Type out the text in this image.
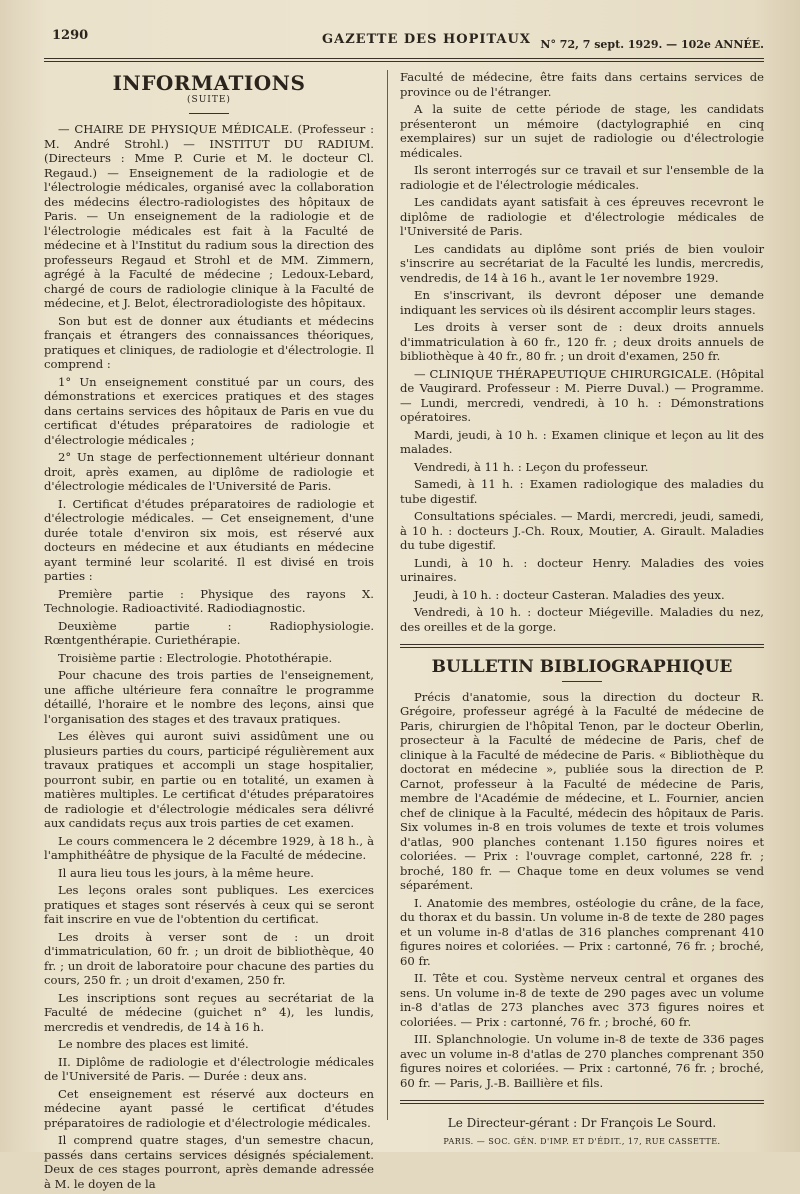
1290	GAZETTE DES HOPITAUX N° 72, 7 sept. 1929. — 102e ANNÉE.
INFORMATIONS
(SUITE)

— CHAIRE DE PHYSIQUE MÉDICALE. (Professeur : M. André Strohl.) — INSTITUT DU RADIUM. (Directeurs : Mme P. Curie et M. le docteur Cl. Regaud.) — Enseignement de la radiologie et de l'électrologie médicales, organisé avec la collaboration des médecins électro-radiologistes des hôpitaux de Paris. — Un enseignement de la radiologie et de l'électrologie médicales est fait à la Faculté de médecine et à l'Institut du radium sous la direction des professeurs Regaud et Strohl et de MM. Zimmern, agrégé à la Faculté de médecine ; Ledoux-Lebard, chargé de cours de radiologie clinique à la Faculté de médecine, et J. Belot, électroradiologiste des hôpitaux.

Son but est de donner aux étudiants et médecins français et étrangers des connaissances théoriques, pratiques et cliniques, de radiologie et d'électrologie. Il comprend :

1° Un enseignement constitué par un cours, des démonstrations et exercices pratiques et des stages dans certains services des hôpitaux de Paris en vue du certificat d'études préparatoires de radiologie et d'électrologie médicales ;

2° Un stage de perfectionnement ultérieur donnant droit, après examen, au diplôme de radiologie et d'électrologie médicales de l'Université de Paris.

I. Certificat d'études préparatoires de radiologie et d'électrologie médicales. — Cet enseignement, d'une durée totale d'environ six mois, est réservé aux docteurs en médecine et aux étudiants en médecine ayant terminé leur scolarité. Il est divisé en trois parties :

Première partie : Physique des rayons X. Technologie. Radioactivité. Radiodiagnostic.

Deuxième partie : Radiophysiologie. Rœntgenthérapie. Curiethérapie.

Troisième partie : Electrologie. Photothérapie.

Pour chacune des trois parties de l'enseignement, une affiche ultérieure fera connaître le programme détaillé, l'horaire et le nombre des leçons, ainsi que l'organisation des stages et des travaux pratiques.

Les élèves qui auront suivi assidûment une ou plusieurs parties du cours, participé régulièrement aux travaux pratiques et accompli un stage hospitalier, pourront subir, en partie ou en totalité, un examen à matières multiples. Le certificat d'études préparatoires de radiologie et d'électrologie médicales sera délivré aux candidats reçus aux trois parties de cet examen.

Le cours commencera le 2 décembre 1929, à 18 h., à l'amphithéâtre de physique de la Faculté de médecine.

Il aura lieu tous les jours, à la même heure.

Les leçons orales sont publiques. Les exercices pratiques et stages sont réservés à ceux qui se seront fait inscrire en vue de l'obtention du certificat.

Les droits à verser sont de : un droit d'immatriculation, 60 fr. ; un droit de bibliothèque, 40 fr. ; un droit de laboratoire pour chacune des parties du cours, 250 fr. ; un droit d'examen, 250 fr.

Les inscriptions sont reçues au secrétariat de la Faculté de médecine (guichet n° 4), les lundis, mercredis et vendredis, de 14 à 16 h.

Le nombre des places est limité.

II. Diplôme de radiologie et d'électrologie médicales de l'Université de Paris. — Durée : deux ans.

Cet enseignement est réservé aux docteurs en médecine ayant passé le certificat d'études préparatoires de radiologie et d'électrologie médicales.

Il comprend quatre stages, d'un semestre chacun, passés dans certains services désignés spécialement. Deux de ces stages pourront, après demande adressée à M. le doyen de la

Faculté de médecine, être faits dans certains services de province ou de l'étranger.

A la suite de cette période de stage, les candidats présenteront un mémoire (dactylographié en cinq exemplaires) sur un sujet de radiologie ou d'électrologie médicales.

Ils seront interrogés sur ce travail et sur l'ensemble de la radiologie et de l'électrologie médicales.

Les candidats ayant satisfait à ces épreuves recevront le diplôme de radiologie et d'électrologie médicales de l'Université de Paris.

Les candidats au diplôme sont priés de bien vouloir s'inscrire au secrétariat de la Faculté les lundis, mercredis, vendredis, de 14 à 16 h., avant le 1er novembre 1929.

En s'inscrivant, ils devront déposer une demande indiquant les services où ils désirent accomplir leurs stages.

Les droits à verser sont de : deux droits annuels d'immatriculation à 60 fr., 120 fr. ; deux droits annuels de bibliothèque à 40 fr., 80 fr. ; un droit d'examen, 250 fr.

— CLINIQUE THÉRAPEUTIQUE CHIRURGICALE. (Hôpital de Vaugirard. Professeur : M. Pierre Duval.) — Programme. — Lundi, mercredi, vendredi, à 10 h. : Démonstrations opératoires.

Mardi, jeudi, à 10 h. : Examen clinique et leçon au lit des malades.

Vendredi, à 11 h. : Leçon du professeur.

Samedi, à 11 h. : Examen radiologique des maladies du tube digestif.

Consultations spéciales. — Mardi, mercredi, jeudi, samedi, à 10 h. : docteurs J.-Ch. Roux, Moutier, A. Girault. Maladies du tube digestif.

Lundi, à 10 h. : docteur Henry. Maladies des voies urinaires.

Jeudi, à 10 h. : docteur Casteran. Maladies des yeux.

Vendredi, à 10 h. : docteur Miégeville. Maladies du nez, des oreilles et de la gorge.

BULLETIN BIBLIOGRAPHIQUE

Précis d'anatomie, sous la direction du docteur R. Grégoire, professeur agrégé à la Faculté de médecine de Paris, chirurgien de l'hôpital Tenon, par le docteur Oberlin, prosecteur à la Faculté de médecine de Paris, chef de clinique à la Faculté de médecine de Paris. « Bibliothèque du doctorat en médecine », publiée sous la direction de P. Carnot, professeur à la Faculté de médecine de Paris, membre de l'Académie de médecine, et L. Fournier, ancien chef de clinique à la Faculté, médecin des hôpitaux de Paris. Six volumes in-8 en trois volumes de texte et trois volumes d'atlas, 900 planches contenant 1.150 figures noires et coloriées. — Prix : l'ouvrage complet, cartonné, 228 fr. ; broché, 180 fr. — Chaque tome en deux volumes se vend séparément.

I. Anatomie des membres, ostéologie du crâne, de la face, du thorax et du bassin. Un volume in-8 de texte de 280 pages et un volume in-8 d'atlas de 316 planches comprenant 410 figures noires et coloriées. — Prix : cartonné, 76 fr. ; broché, 60 fr.

II. Tête et cou. Système nerveux central et organes des sens. Un volume in-8 de texte de 290 pages avec un volume in-8 d'atlas de 273 planches avec 373 figures noires et coloriées. — Prix : cartonné, 76 fr. ; broché, 60 fr.

III. Splanchnologie. Un volume in-8 de texte de 336 pages avec un volume in-8 d'atlas de 270 planches comprenant 350 figures noires et coloriées. — Prix : cartonné, 76 fr. ; broché, 60 fr. — Paris, J.-B. Baillière et fils.

Le Directeur-gérant : Dr François Le Sourd.
PARIS. — SOC. GÉN. D'IMP. ET D'ÉDIT., 17, RUE CASSETTE.
